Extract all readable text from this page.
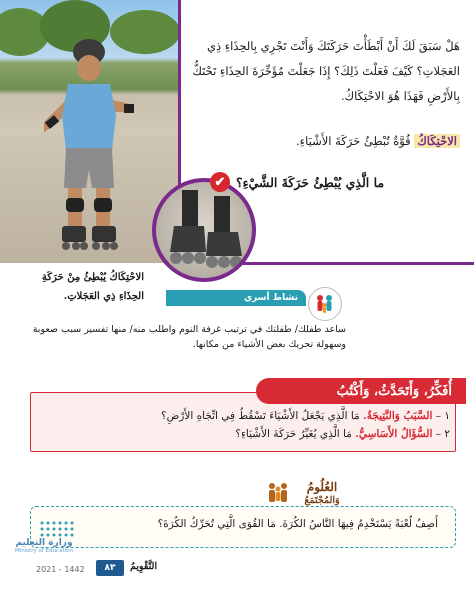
هَلْ سَبَقَ لَكَ أَنْ أَبْطَأْتَ حَرَكَتَكَ وَأَنْتَ تَجْرِي بِالحِذَاءِ ذِي العَجَلاتِ؟ كَيْفَ فَعَلْتَ ذَلِكَ؟ إِذَا جَعَلْتَ مُؤَخِّرَةَ الحِذَاءِ تَحْتَكُّ بِالأَرْضِ فَهَذَا هُوَ الاحْتِكَاكُ.
الاحْتِكَاكُ قُوَّةٌ تُبْطِئُ حَرَكَةَ الأَشْيَاءِ.
✔ ما الَّذِي يُبْطِئُ حَرَكَةَ الشَّيْءِ؟
الاحْتِكَاكُ يُبْطِئُ مِنْ حَرَكَةِ الحِذَاءِ ذِي العَجَلاتِ.	نشاط أسري
ساعد طفلك/ طفلتك في ترتيب غرفة النوم واطلب منه/ منها تفسير سبب صعوبة وسهولة تحريك بعض الأشياء من مكانها.
أُفَكِّرُ، وَأَتَحَدَّثُ، وَأَكْتُبُ
١ – السَّبَبُ وَالنَّتِيجَةُ. مَا الَّذِي يَجْعَلُ الأَشْيَاءَ تَسْقُطُ فِي اتِّجَاهِ الأَرْضِ؟
٢ – السُّؤَالُ الأَسَاسِيُّ. مَا الَّذِي يُغَيِّرُ حَرَكَةَ الأَشْيَاءِ؟
العُلُومُ
وَالمُجْتَمَعُ
أَصِفُ لُعْبَةً يَسْتَخْدِمُ فِيهَا النَّاسُ الكُرَةَ. مَا القُوَى الَّتِي تُحَرِّكُ الكُرَةَ؟
وزارة التعليم
Ministry of Education
2021 - 1442	٨٣	التَّقْوِيمُ
